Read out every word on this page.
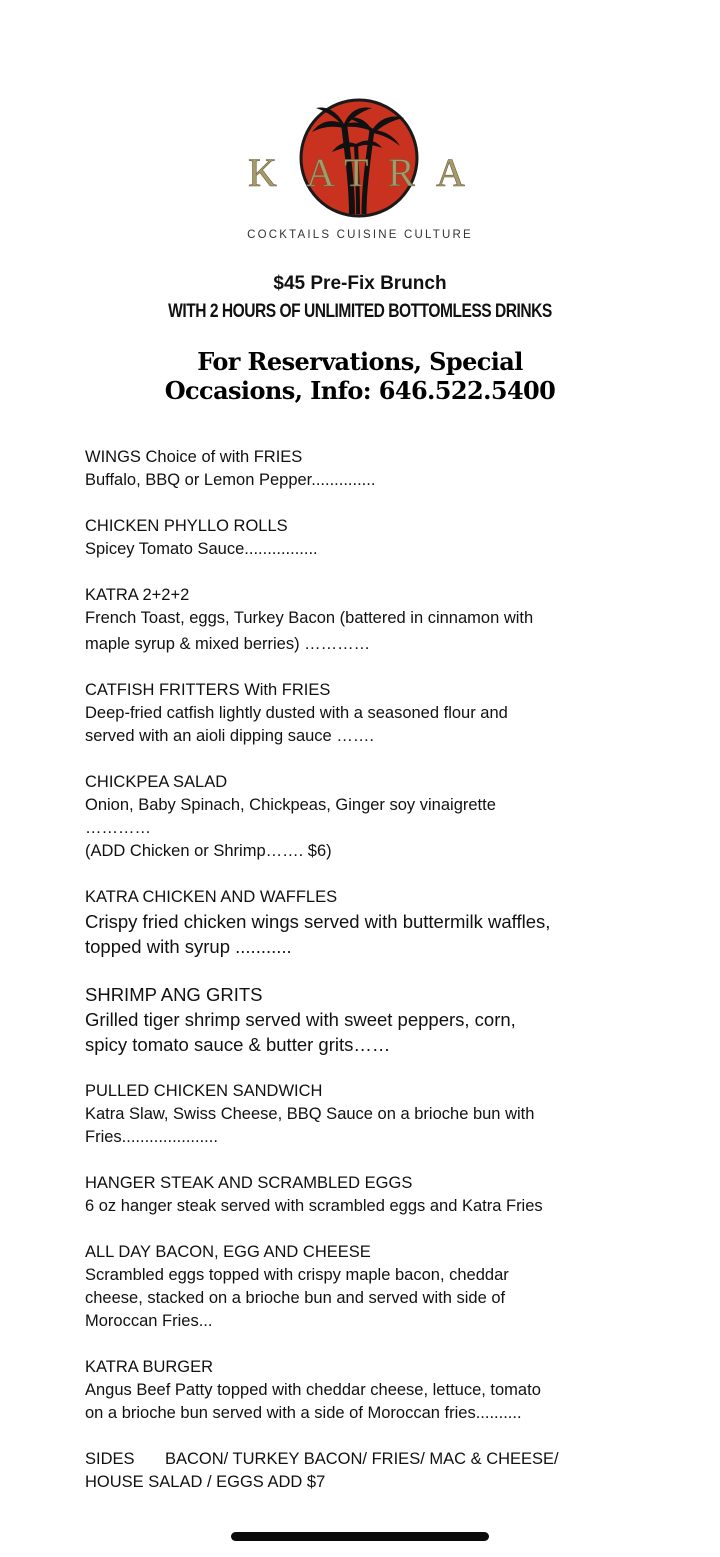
K A T R A
COCKTAILS CUISINE CULTURE
$45 Pre-Fix Brunch
WITH 2 HOURS OF UNLIMITED BOTTOMLESS DRINKS
For Reservations, Special
Occasions, Info: 646.522.5400
WINGS Choice of with FRIES
Buffalo, BBQ or Lemon Pepper..............
CHICKEN PHYLLO ROLLS
Spicey Tomato Sauce................
KATRA 2+2+2
French Toast, eggs, Turkey Bacon (battered in cinnamon with
maple syrup & mixed berries) …………
CATFISH FRITTERS With FRIES
Deep-fried catfish lightly dusted with a seasoned flour and
served with an aioli dipping sauce …….
CHICKPEA SALAD
Onion, Baby Spinach, Chickpeas, Ginger soy vinaigrette
…………
(ADD Chicken or Shrimp……. $6)
KATRA CHICKEN AND WAFFLES
Crispy fried chicken wings served with buttermilk waffles,
topped with syrup ...........
SHRIMP ANG GRITS
Grilled tiger shrimp served with sweet peppers, corn,
spicy tomato sauce & butter grits……
PULLED CHICKEN SANDWICH
Katra Slaw, Swiss Cheese, BBQ Sauce on a brioche bun with
Fries.....................
HANGER STEAK AND SCRAMBLED EGGS
6 oz hanger steak served with scrambled eggs and Katra Fries
ALL DAY BACON, EGG AND CHEESE
Scrambled eggs topped with crispy maple bacon, cheddar
cheese, stacked on a brioche bun and served with side of
Moroccan Fries...
KATRA BURGER
Angus Beef Patty topped with cheddar cheese, lettuce, tomato
on a brioche bun served with a side of Moroccan fries..........
SIDES BACON/ TURKEY BACON/ FRIES/ MAC & CHEESE/
HOUSE SALAD / EGGS ADD $7
